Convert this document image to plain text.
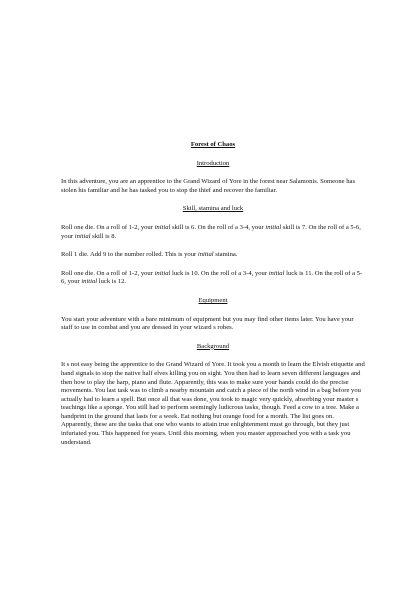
Forest of Chaos
Introduction

In this adventure, you are an apprentice to the Grand Wizard of Yore in the forest near Salamonis. Someone has stolen his familiar and he has tasked you to stop the thief and recover the familiar.

Skill, stamina and luck

Roll one die. On a roll of 1-2, your initial skill is 6. On the roll of a 3-4, your initial skill is 7. On the roll of a 5-6, your initial skill is 8.

Roll 1 die. Add 9 to the number rolled. This is your initial stamina.

Roll one die. On a roll of 1-2, your initial luck is 10. On the roll of a 3-4, your initial luck is 11. On the roll of a 5-6, your initial luck is 12.

Equipment

You start your adventure with a bare minimum of equipment but you may find other items later. You have your staff to use in combat and you are dressed in your wizard s robes.

Background

It s not easy being the apprentice to the Grand Wizard of Yore. It took you a month to learn the Elvish etiquette and hand signals to stop the native half elves killing you on sight. You then had to learn seven different languages and then how to play the harp, piano and flute. Apparently, this was to make sure your hands could do the precise movements. You last task was to climb a nearby mountain and catch a piece of the north wind in a bag before you actually had to learn a spell. But once all that was done, you took to magic very quickly, absorbing your master s teachings like a sponge. You still had to perform seemingly ludicrous tasks, though. Feed a cow to a tree. Make a handprint in the ground that lasts for a week. Eat nothing but orange food for a month. The list goes on. Apparently, these are the tasks that one who wants to attain true enlightenment must go through, but they just infuriated you. This happened for years. Until this morning, when you master approached you with a task you understand.
